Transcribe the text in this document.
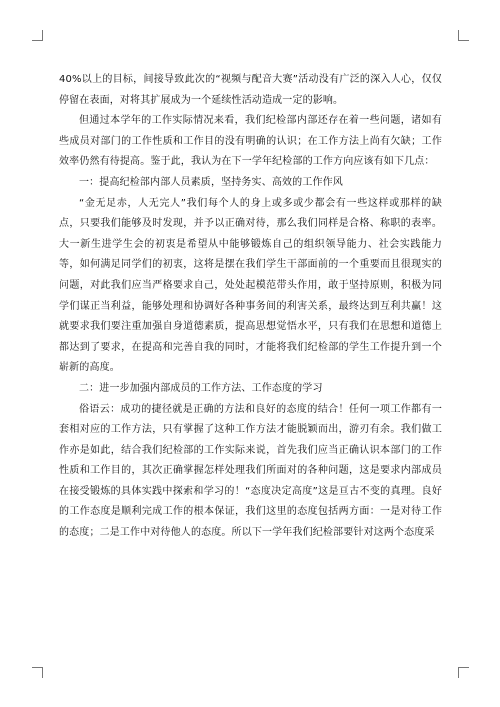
40%以上的目标，间接导致此次的“视频与配音大赛”活动没有广泛的深入人心，仅仅停留在表面，对将其扩展成为一个延续性活动造成一定的影响。

但通过本学年的工作实际情况来看，我们纪检部内部还存在着一些问题，诸如有些成员对部门的工作性质和工作目的没有明确的认识；在工作方法上尚有欠缺；工作效率仍然有待提高。鉴于此，我认为在下一学年纪检部的工作方向应该有如下几点：

一：提高纪检部内部人员素质，坚持务实、高效的工作作风

“金无足赤，人无完人”我们每个人的身上或多或少都会有一些这样或那样的缺点，只要我们能够及时发现，并予以正确对待，那么我们同样是合格、称职的表率。大一新生进学生会的初衷是希望从中能够锻炼自己的组织领导能力、社会实践能力等，如何满足同学们的初衷，这将是摆在我们学生干部面前的一个重要而且很现实的问题，对此我们应当严格要求自己，处处起模范带头作用，敢于坚持原则，积极为同学们谋正当利益，能够处理和协调好各种事务间的利害关系，最终达到互利共赢！这就要求我们要注重加强自身道德素质，提高思想觉悟水平，只有我们在思想和道德上都达到了要求，在提高和完善自我的同时，才能将我们纪检部的学生工作提升到一个崭新的高度。

二：进一步加强内部成员的工作方法、工作态度的学习

俗语云：成功的捷径就是正确的方法和良好的态度的结合！任何一项工作都有一套相对应的工作方法，只有掌握了这种工作方法才能脱颖而出，游刃有余。我们做工作亦是如此，结合我们纪检部的工作实际来说，首先我们应当正确认识本部门的工作性质和工作目的，其次正确掌握怎样处理我们所面对的各种问题，这是要求内部成员在接受锻炼的具体实践中探索和学习的！“态度决定高度”这是亘古不变的真理。良好的工作态度是顺利完成工作的根本保证，我们这里的态度包括两方面：一是对待工作的态度；二是工作中对待他人的态度。所以下一学年我们纪检部要针对这两个态度采
